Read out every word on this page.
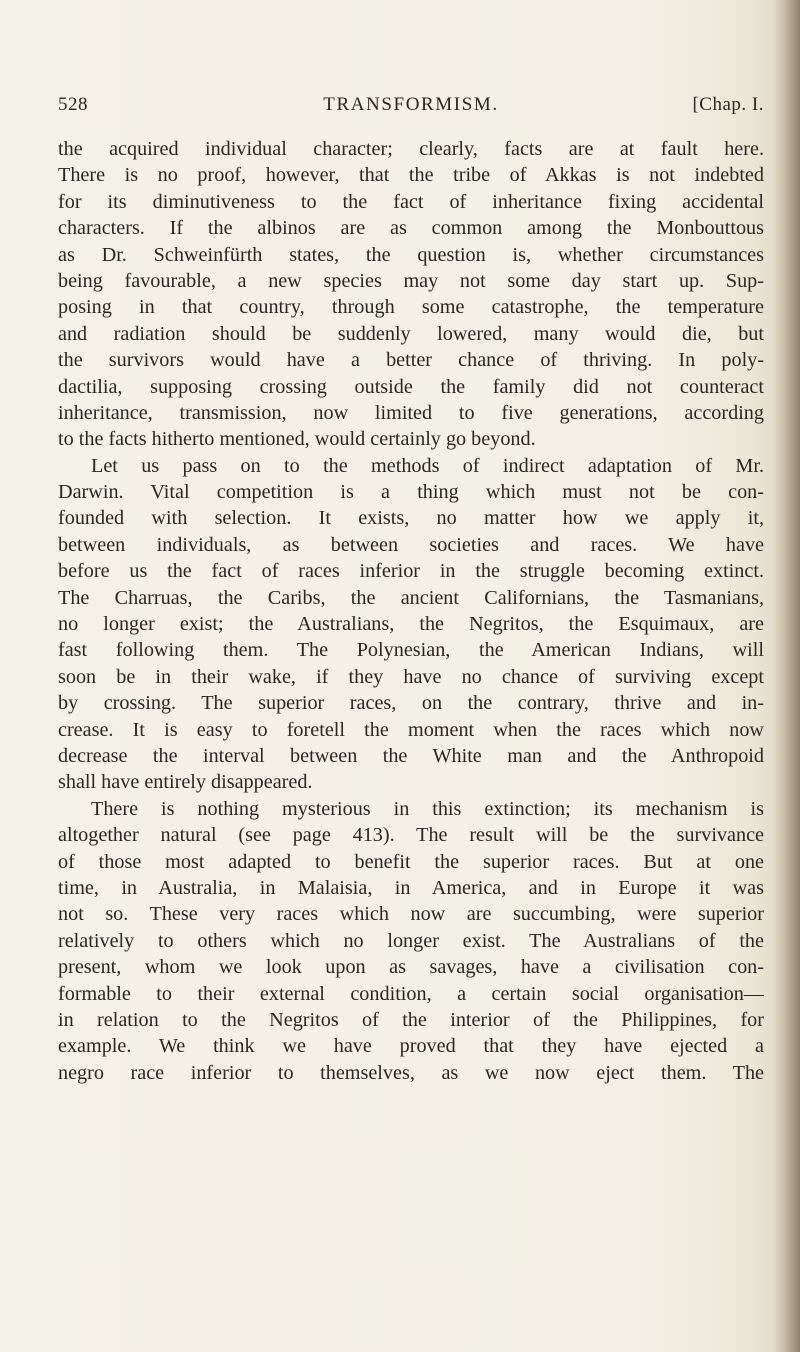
528	TRANSFORMISM.	[Chap. I.
the acquired individual character; clearly, facts are at fault here.
There is no proof, however, that the tribe of Akkas is not indebted
for its diminutiveness to the fact of inheritance fixing accidental
characters. If the albinos are as common among the Monbouttous
as Dr. Schweinfürth states, the question is, whether circumstances
being favourable, a new species may not some day start up. Sup-
posing in that country, through some catastrophe, the temperature
and radiation should be suddenly lowered, many would die, but
the survivors would have a better chance of thriving. In poly-
dactilia, supposing crossing outside the family did not counteract
inheritance, transmission, now limited to five generations, according
to the facts hitherto mentioned, would certainly go beyond.
Let us pass on to the methods of indirect adaptation of Mr.
Darwin. Vital competition is a thing which must not be con-
founded with selection. It exists, no matter how we apply it,
between individuals, as between societies and races. We have
before us the fact of races inferior in the struggle becoming extinct.
The Charruas, the Caribs, the ancient Californians, the Tasmanians,
no longer exist; the Australians, the Negritos, the Esquimaux, are
fast following them. The Polynesian, the American Indians, will
soon be in their wake, if they have no chance of surviving except
by crossing. The superior races, on the contrary, thrive and in-
crease. It is easy to foretell the moment when the races which now
decrease the interval between the White man and the Anthropoid
shall have entirely disappeared.
There is nothing mysterious in this extinction; its mechanism is
altogether natural (see page 413). The result will be the survivance
of those most adapted to benefit the superior races. But at one
time, in Australia, in Malaisia, in America, and in Europe it was
not so. These very races which now are succumbing, were superior
relatively to others which no longer exist. The Australians of the
present, whom we look upon as savages, have a civilisation con-
formable to their external condition, a certain social organisation—
in relation to the Negritos of the interior of the Philippines, for
example. We think we have proved that they have ejected a
negro race inferior to themselves, as we now eject them. The
